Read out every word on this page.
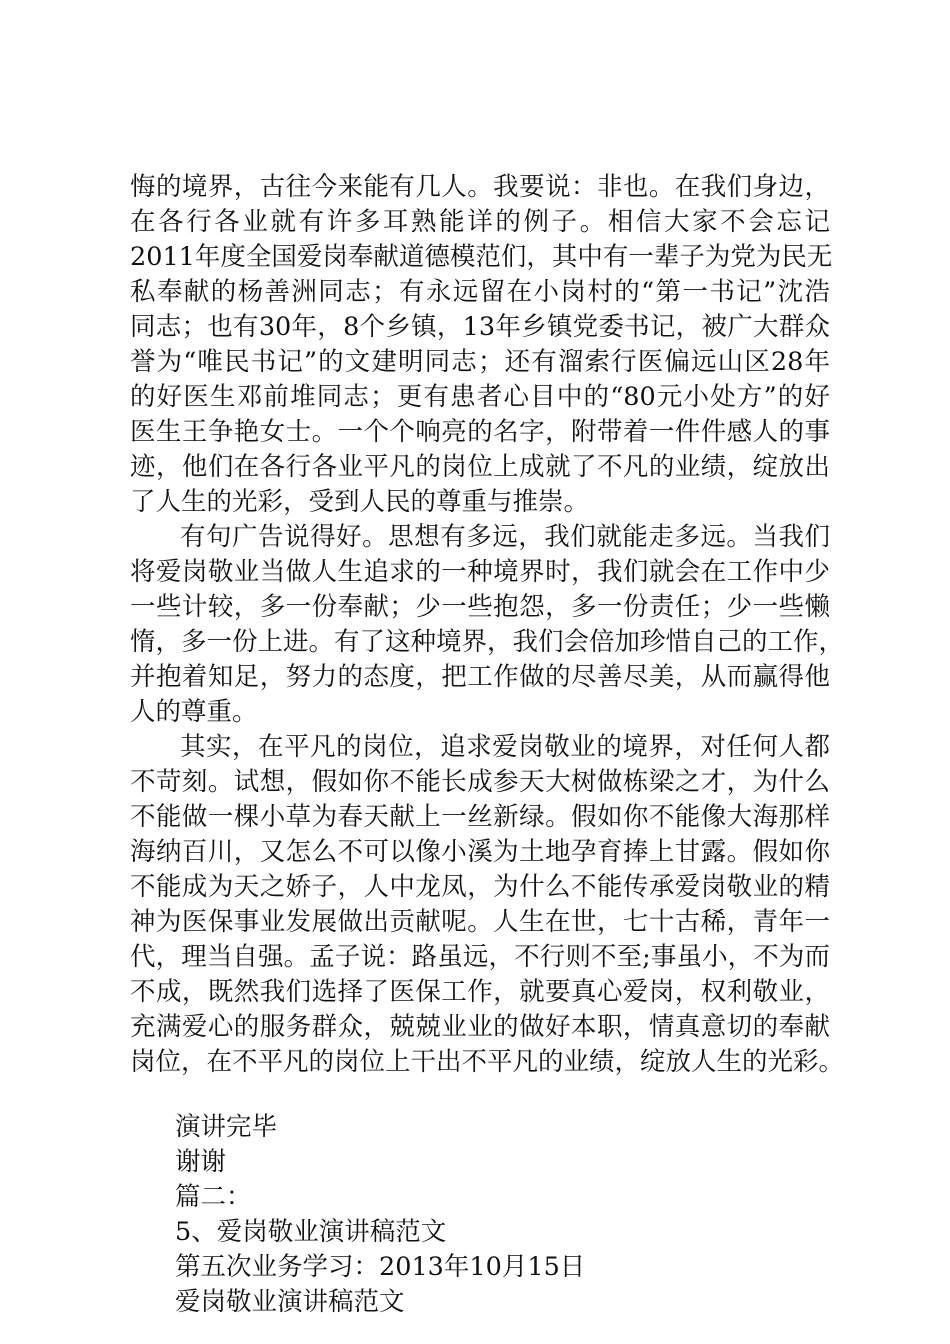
悔的境界，古往今来能有几人。我要说：非也。在我们身边，
在各行各业就有许多耳熟能详的例子。相信大家不会忘记
2011年度全国爱岗奉献道德模范们，其中有一辈子为党为民无
私奉献的杨善洲同志；有永远留在小岗村的“第一书记”沈浩
同志；也有30年，8个乡镇，13年乡镇党委书记，被广大群众
誉为“唯民书记”的文建明同志；还有溜索行医偏远山区28年
的好医生邓前堆同志；更有患者心目中的“80元小处方”的好
医生王争艳女士。一个个响亮的名字，附带着一件件感人的事
迹，他们在各行各业平凡的岗位上成就了不凡的业绩，绽放出
了人生的光彩，受到人民的尊重与推崇。
有句广告说得好。思想有多远，我们就能走多远。当我们
将爱岗敬业当做人生追求的一种境界时，我们就会在工作中少
一些计较，多一份奉献；少一些抱怨，多一份责任；少一些懒
惰，多一份上进。有了这种境界，我们会倍加珍惜自己的工作，
并抱着知足，努力的态度，把工作做的尽善尽美，从而赢得他
人的尊重。
其实，在平凡的岗位，追求爱岗敬业的境界，对任何人都
不苛刻。试想，假如你不能长成参天大树做栋梁之才，为什么
不能做一棵小草为春天献上一丝新绿。假如你不能像大海那样
海纳百川，又怎么不可以像小溪为土地孕育捧上甘露。假如你
不能成为天之娇子，人中龙凤，为什么不能传承爱岗敬业的精
神为医保事业发展做出贡献呢。人生在世，七十古稀，青年一
代，理当自强。孟子说：路虽远，不行则不至;事虽小，不为而
不成，既然我们选择了医保工作，就要真心爱岗，权利敬业，
充满爱心的服务群众，兢兢业业的做好本职，情真意切的奉献
岗位，在不平凡的岗位上干出不平凡的业绩，绽放人生的光彩。
演讲完毕
谢谢
篇二：
5、爱岗敬业演讲稿范文
第五次业务学习：2013年10月15日
爱岗敬业演讲稿范文
